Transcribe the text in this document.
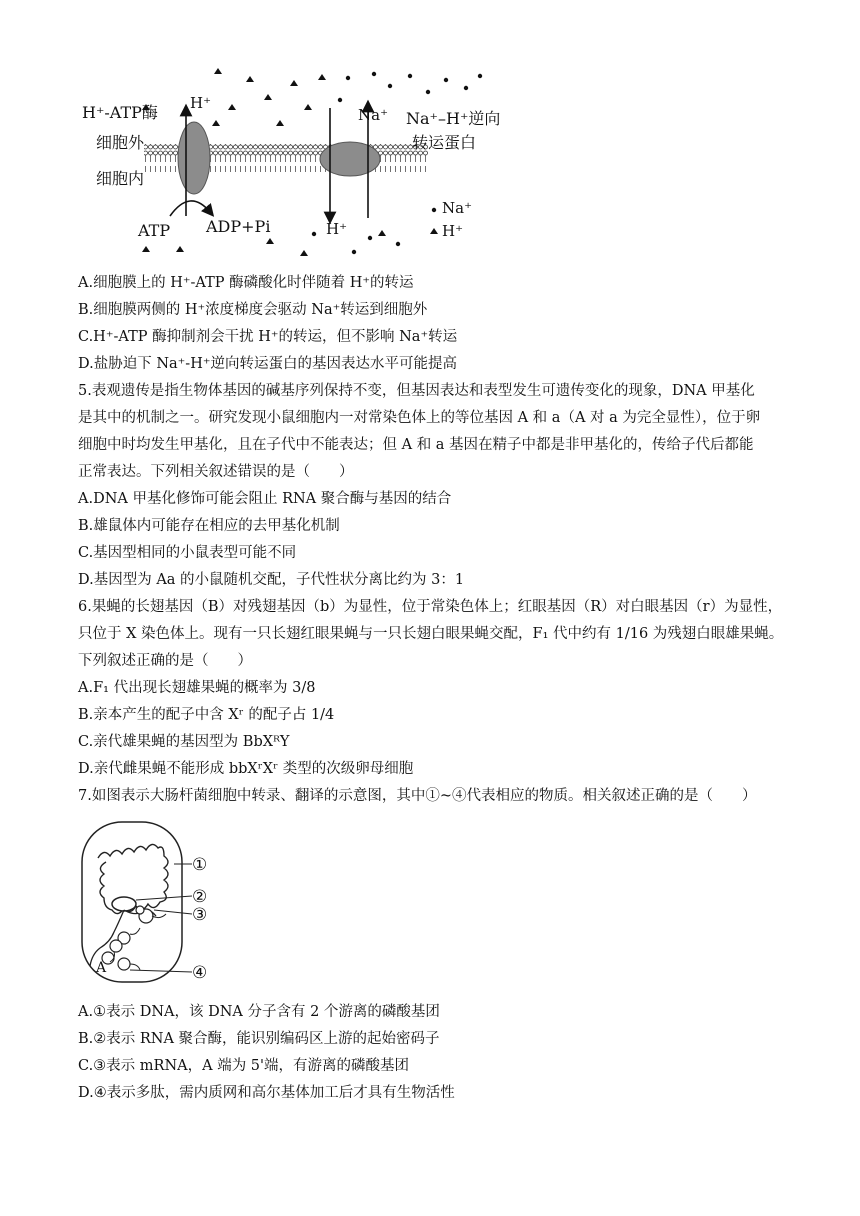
H⁺-ATP酶
细胞外
细胞内
H⁺
Na⁺ Na⁺–H⁺逆向
转运蛋白
ATP ADP+Pi	H⁺
Na⁺
H⁺
A.细胞膜上的 H⁺-ATP 酶磷酸化时伴随着 H⁺的转运
B.细胞膜两侧的 H⁺浓度梯度会驱动 Na⁺转运到细胞外
C.H⁺-ATP 酶抑制剂会干扰 H⁺的转运，但不影响 Na⁺转运
D.盐胁迫下 Na⁺-H⁺逆向转运蛋白的基因表达水平可能提高
5.表观遗传是指生物体基因的碱基序列保持不变，但基因表达和表型发生可遗传变化的现象，DNA 甲基化
是其中的机制之一。研究发现小鼠细胞内一对常染色体上的等位基因 A 和 a（A 对 a 为完全显性），位于卵
细胞中时均发生甲基化，且在子代中不能表达；但 A 和 a 基因在精子中都是非甲基化的，传给子代后都能
正常表达。下列相关叙述错误的是（　　）
A.DNA 甲基化修饰可能会阻止 RNA 聚合酶与基因的结合
B.雄鼠体内可能存在相应的去甲基化机制
C.基因型相同的小鼠表型可能不同
D.基因型为 Aa 的小鼠随机交配，子代性状分离比约为 3：1
6.果蝇的长翅基因（B）对残翅基因（b）为显性，位于常染色体上；红眼基因（R）对白眼基因（r）为显性，
只位于 X 染色体上。现有一只长翅红眼果蝇与一只长翅白眼果蝇交配，F₁ 代中约有 1/16 为残翅白眼雄果蝇。
下列叙述正确的是（　　）
A.F₁ 代出现长翅雄果蝇的概率为 3/8
B.亲本产生的配子中含 Xʳ 的配子占 1/4
C.亲代雄果蝇的基因型为 BbXᴿY
D.亲代雌果蝇不能形成 bbXʳXʳ 类型的次级卵母细胞
7.如图表示大肠杆菌细胞中转录、翻译的示意图，其中①~④代表相应的物质。相关叙述正确的是（　　）
①
②
③
④
A
A.①表示 DNA，该 DNA 分子含有 2 个游离的磷酸基团
B.②表示 RNA 聚合酶，能识别编码区上游的起始密码子
C.③表示 mRNA，A 端为 5'端，有游离的磷酸基团
D.④表示多肽，需内质网和高尔基体加工后才具有生物活性
